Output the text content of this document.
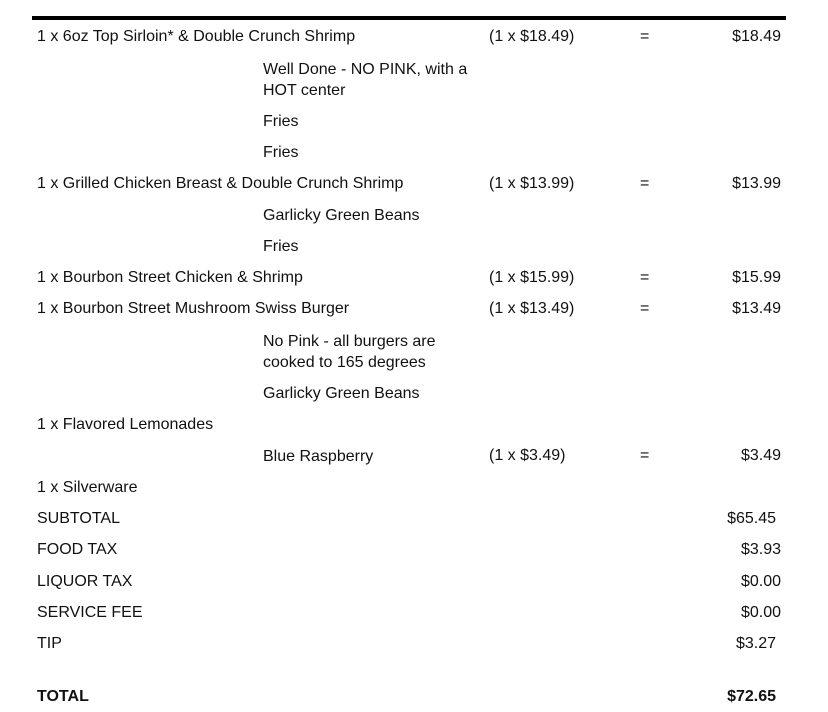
1 x 6oz Top Sirloin* & Double Crunch Shrimp	(1 x $18.49)	=	$18.49
Well Done - NO PINK, with a HOT center
Fries
Fries
1 x Grilled Chicken Breast & Double Crunch Shrimp	(1 x $13.99)	=	$13.99
Garlicky Green Beans
Fries
1 x Bourbon Street Chicken & Shrimp	(1 x $15.99)	=	$15.99
1 x Bourbon Street Mushroom Swiss Burger	(1 x $13.49)	=	$13.49
No Pink - all burgers are cooked to 165 degrees
Garlicky Green Beans
1 x Flavored Lemonades
Blue Raspberry	(1 x $3.49)	=	$3.49
1 x Silverware
SUBTOTAL	$65.45
FOOD TAX	$3.93
LIQUOR TAX	$0.00
SERVICE FEE	$0.00
TIP	$3.27
TOTAL	$72.65
